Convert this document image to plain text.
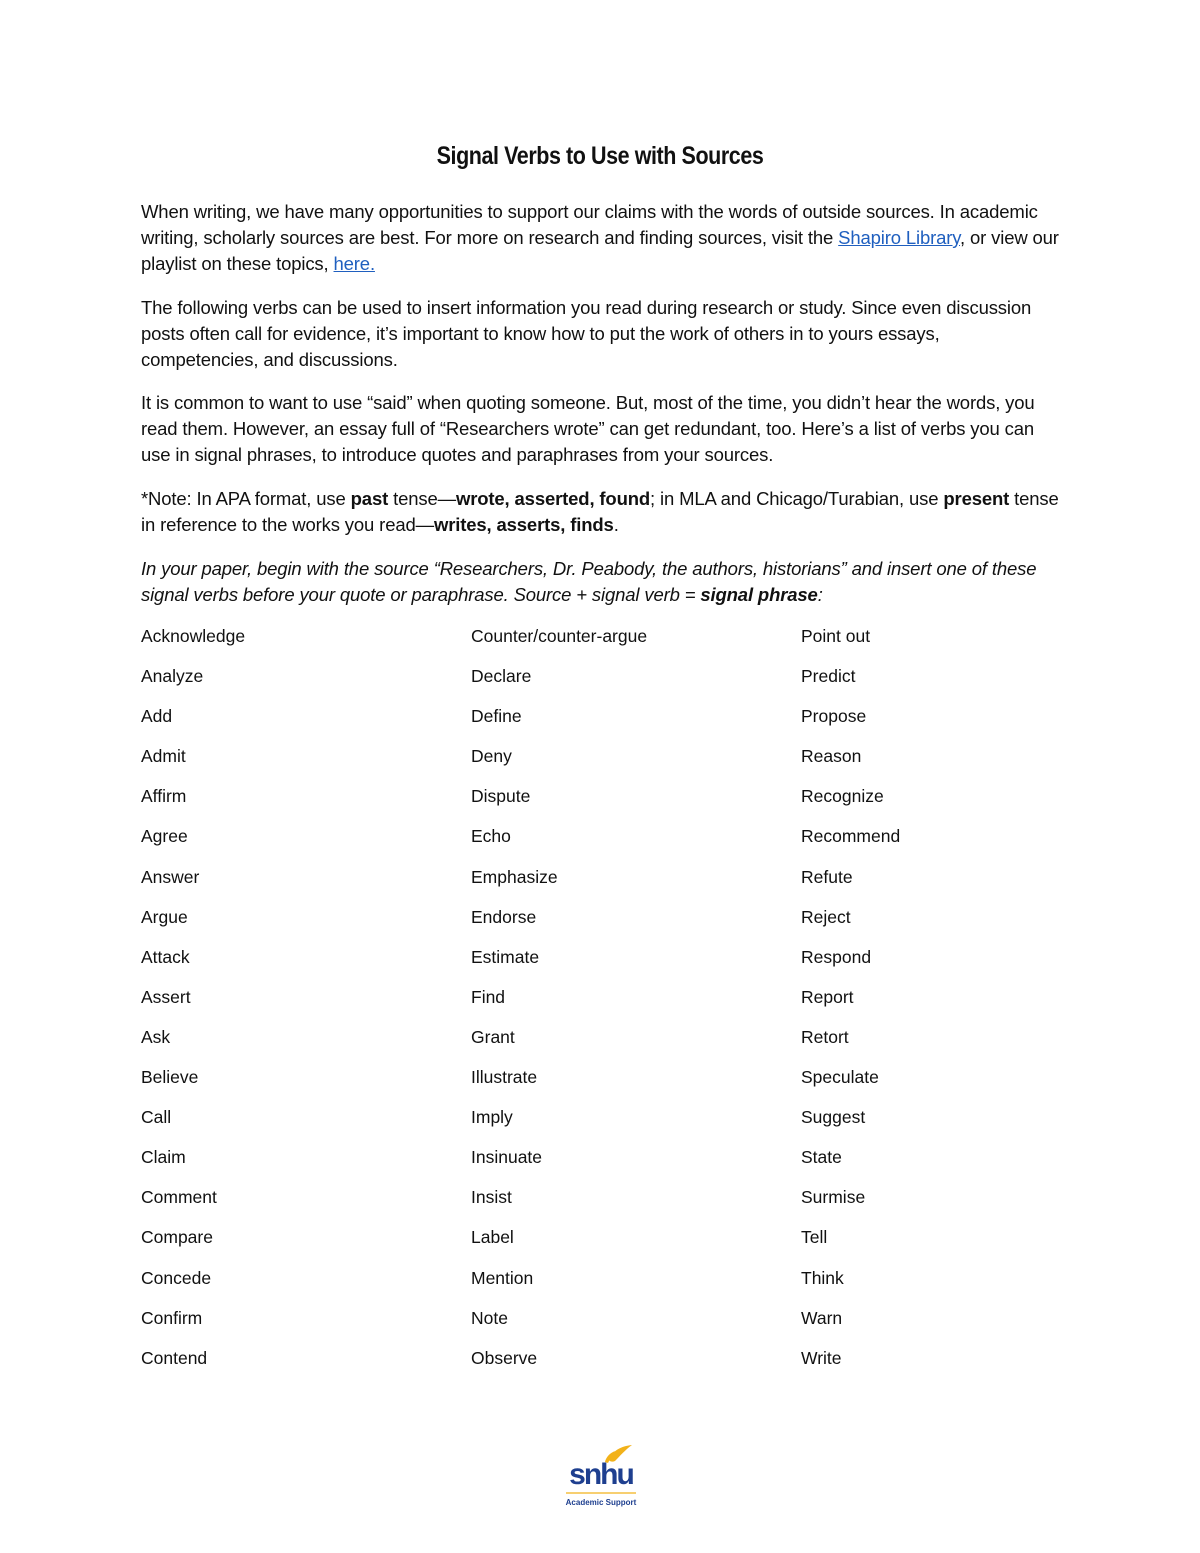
Signal Verbs to Use with Sources

When writing, we have many opportunities to support our claims with the words of outside sources. In academic writing, scholarly sources are best. For more on research and finding sources, visit the Shapiro Library, or view our playlist on these topics, here.

The following verbs can be used to insert information you read during research or study. Since even discussion posts often call for evidence, it’s important to know how to put the work of others in to yours essays, competencies, and discussions.

It is common to want to use “said” when quoting someone. But, most of the time, you didn’t hear the words, you read them. However, an essay full of “Researchers wrote” can get redundant, too. Here’s a list of verbs you can use in signal phrases, to introduce quotes and paraphrases from your sources.

*Note: In APA format, use past tense—wrote, asserted, found; in MLA and Chicago/Turabian, use present tense in reference to the works you read—writes, asserts, finds.

In your paper, begin with the source “Researchers, Dr. Peabody, the authors, historians” and insert one of these signal verbs before your quote or paraphrase. Source + signal verb = signal phrase:

Acknowledge
Analyze
Add
Admit
Affirm
Agree
Answer
Argue
Attack
Assert
Ask
Believe
Call
Claim
Comment
Compare
Concede
Confirm
Contend
Counter/counter-argue
Declare
Define
Deny
Dispute
Echo
Emphasize
Endorse
Estimate
Find
Grant
Illustrate
Imply
Insinuate
Insist
Label
Mention
Note
Observe
Point out
Predict
Propose
Reason
Recognize
Recommend
Refute
Reject
Respond
Report
Retort
Speculate
Suggest
State
Surmise
Tell
Think
Warn
Write
snhu
Academic Support
